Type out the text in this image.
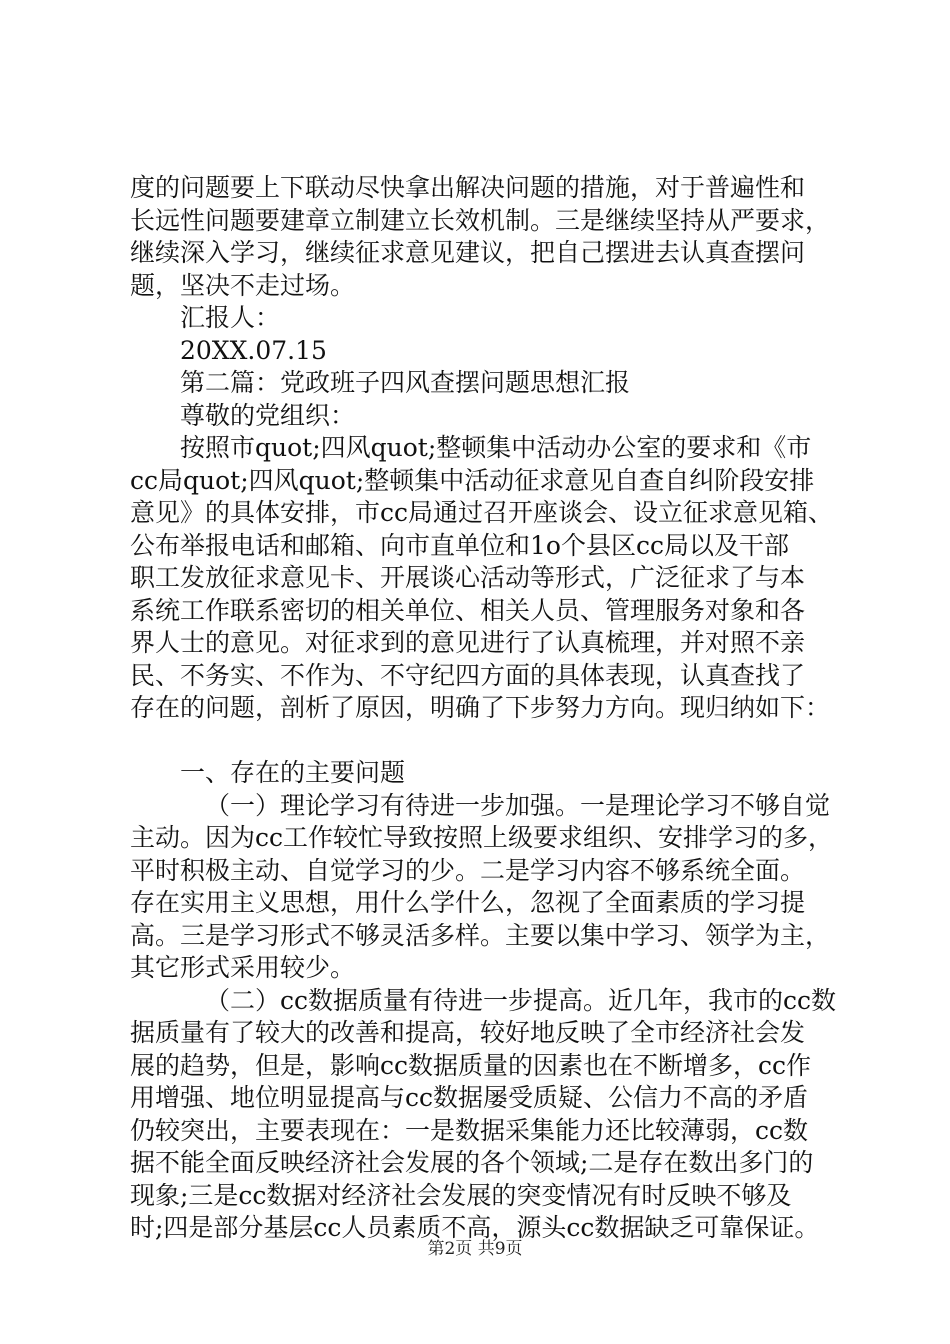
度的问题要上下联动尽快拿出解决问题的措施，对于普遍性和
长远性问题要建章立制建立长效机制。三是继续坚持从严要求，
继续深入学习，继续征求意见建议，把自己摆进去认真查摆问
题，坚决不走过场。
汇报人：
20XX.07.15
第二篇：党政班子四风查摆问题思想汇报
尊敬的党组织：
按照市quot;四风quot;整顿集中活动办公室的要求和《市
cc局quot;四风quot;整顿集中活动征求意见自查自纠阶段安排
意见》的具体安排，市cc局通过召开座谈会、设立征求意见箱、
公布举报电话和邮箱、向市直单位和1o个县区cc局以及干部
职工发放征求意见卡、开展谈心活动等形式，广泛征求了与本
系统工作联系密切的相关单位、相关人员、管理服务对象和各
界人士的意见。对征求到的意见进行了认真梳理，并对照不亲
民、不务实、不作为、不守纪四方面的具体表现，认真查找了
存在的问题，剖析了原因，明确了下步努力方向。现归纳如下：
一、存在的主要问题
（一）理论学习有待进一步加强。一是理论学习不够自觉
主动。因为cc工作较忙导致按照上级要求组织、安排学习的多，
平时积极主动、自觉学习的少。二是学习内容不够系统全面。
存在实用主义思想，用什么学什么，忽视了全面素质的学习提
高。三是学习形式不够灵活多样。主要以集中学习、领学为主，
其它形式采用较少。
（二）cc数据质量有待进一步提高。近几年，我市的cc数
据质量有了较大的改善和提高，较好地反映了全市经济社会发
展的趋势，但是，影响cc数据质量的因素也在不断增多，cc作
用增强、地位明显提高与cc数据屡受质疑、公信力不高的矛盾
仍较突出，主要表现在：一是数据采集能力还比较薄弱，cc数
据不能全面反映经济社会发展的各个领域;二是存在数出多门的
现象;三是cc数据对经济社会发展的突变情况有时反映不够及
时;四是部分基层cc人员素质不高，源头cc数据缺乏可靠保证。
第2页 共9页
